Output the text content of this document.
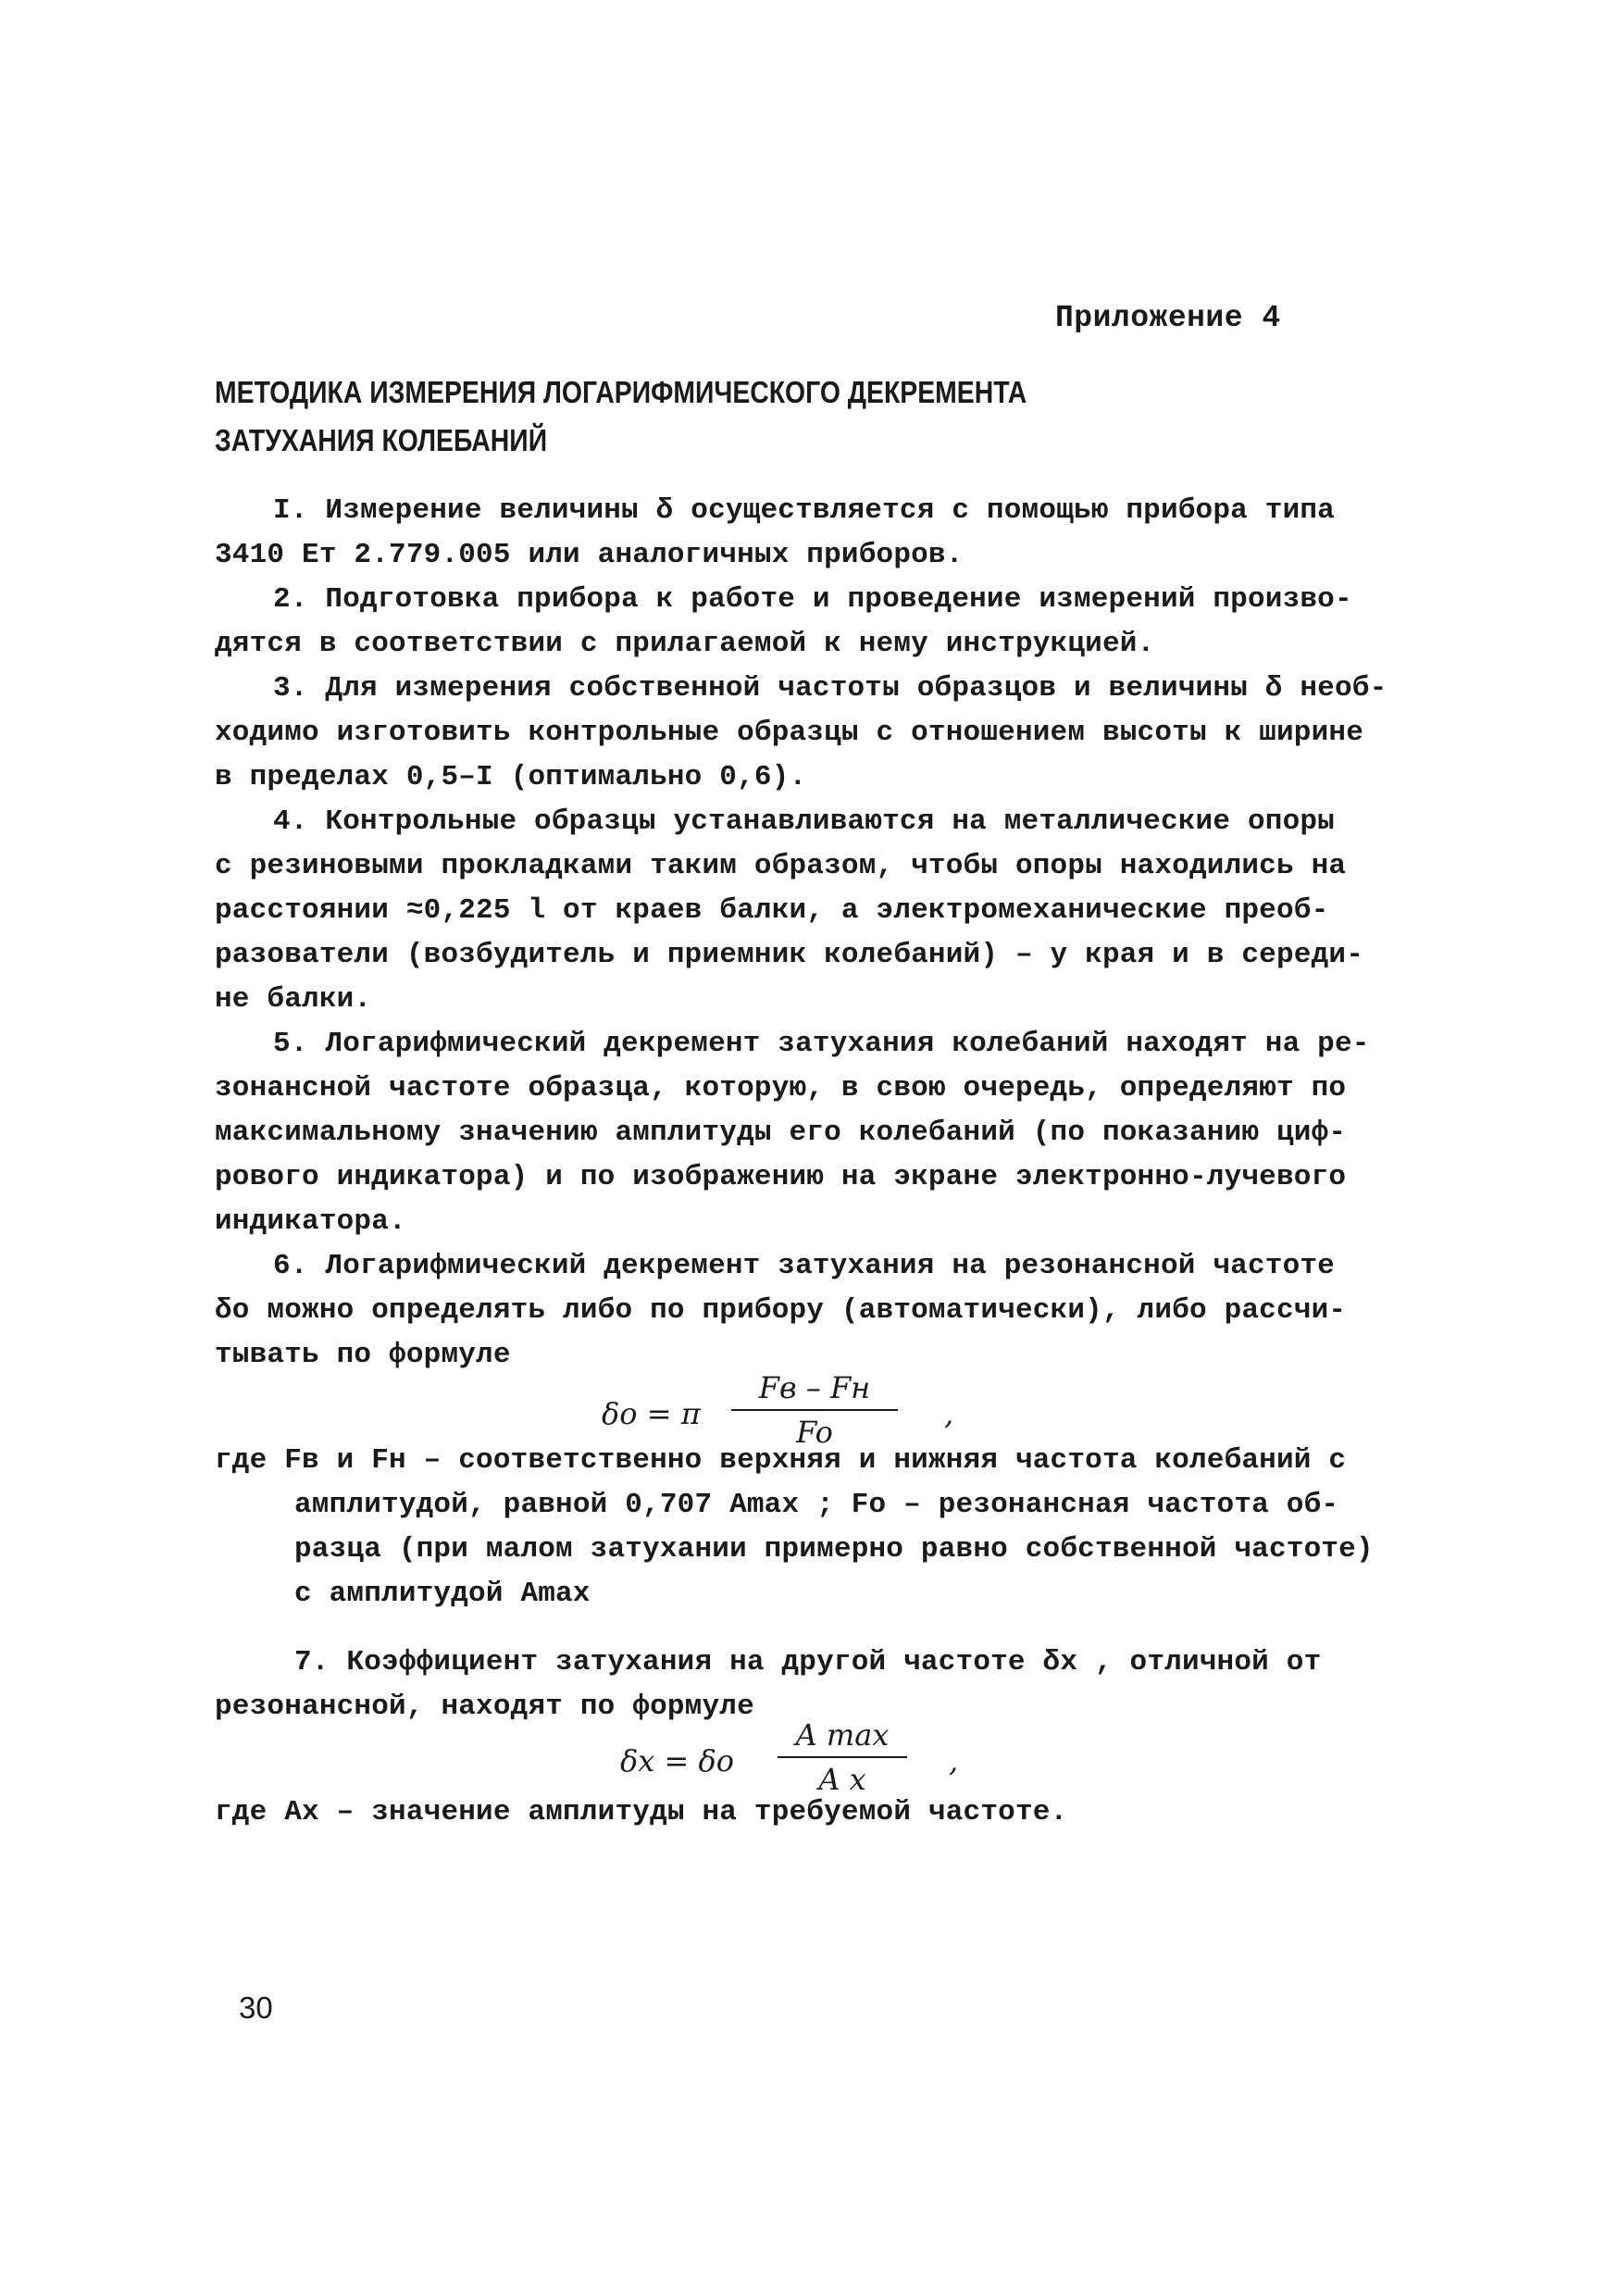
Приложение 4
МЕТОДИКА ИЗМЕРЕНИЯ ЛОГАРИФМИЧЕСКОГО ДЕКРЕМЕНТА
ЗАТУХАНИЯ КОЛЕБАНИЙ
I. Измерение величины δ осуществляется с помощью прибора типа
3410 Ет 2.779.005 или аналогичных приборов.
2. Подготовка прибора к работе и проведение измерений произво-
дятся в соответствии с прилагаемой к нему инструкцией.
3. Для измерения собственной частоты образцов и величины δ необ-
ходимо изготовить контрольные образцы с отношением высоты к ширине
в пределах 0,5–I (оптимально 0,6).
4. Контрольные образцы устанавливаются на металлические опоры
с резиновыми прокладками таким образом, чтобы опоры находились на
расстоянии ≈0,225 l от краев балки, а электромеханические преоб-
разователи (возбудитель и приемник колебаний) – у края и в середи-
не балки.
5. Логарифмический декремент затухания колебаний находят на ре-
зонансной частоте образца, которую, в свою очередь, определяют по
максимальному значению амплитуды его колебаний (по показанию циф-
рового индикатора) и по изображению на экране электронно-лучевого
индикатора.
6. Логарифмический декремент затухания на резонансной частоте
δo можно определять либо по прибору (автоматически), либо рассчи-
тывать по формуле
δo = π
Fв – Fн
Fo
,
где Fв и Fн – соответственно верхняя и нижняя частота колебаний с
амплитудой, равной 0,707 Amax ; Fo – резонансная частота об-
разца (при малом затухании примерно равно собственной частоте)
с амплитудой Amax
7. Коэффициент затухания на другой частоте δx , отличной от
резонансной, находят по формуле
δx = δo
A max
A x
,
где Ax – значение амплитуды на требуемой частоте.
30
